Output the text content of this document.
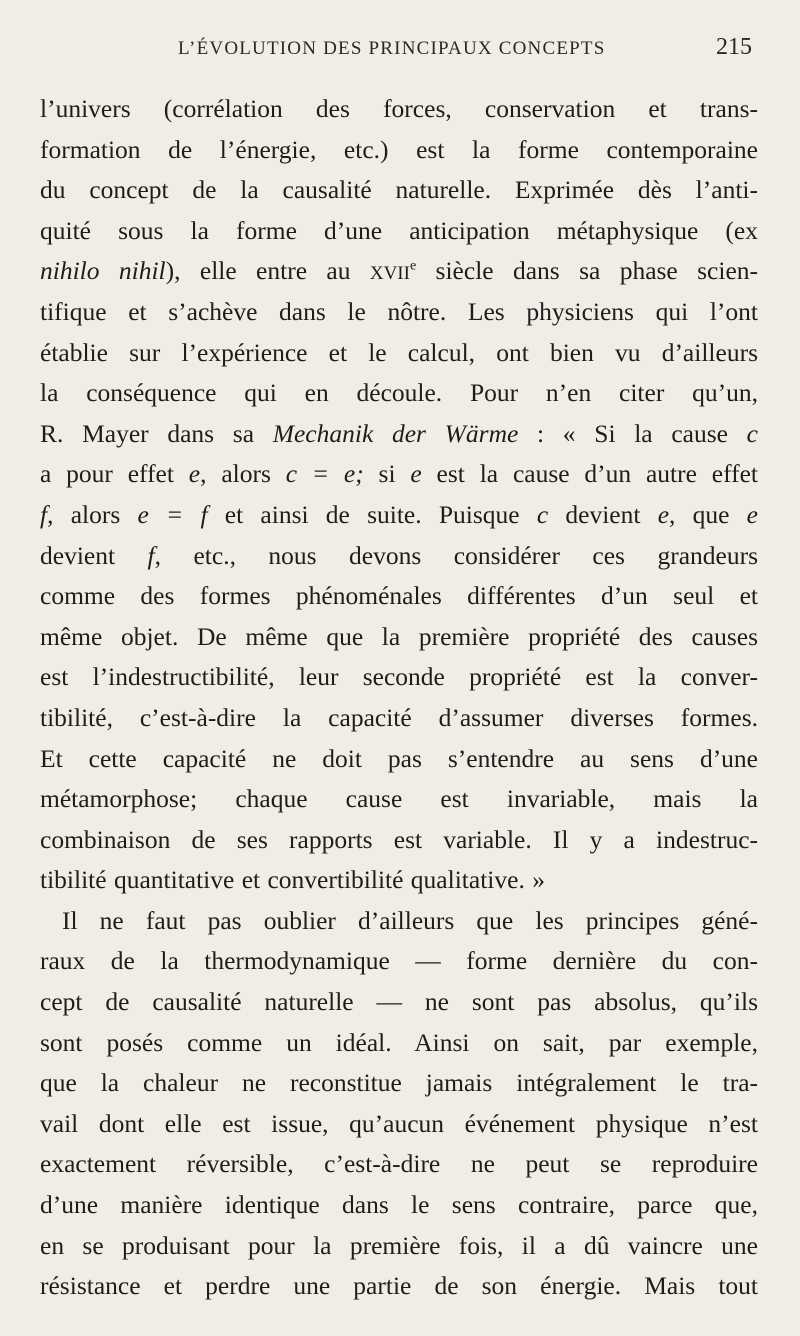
L’ÉVOLUTION DES PRINCIPAUX CONCEPTS	215
l’univers (corrélation des forces, conservation et trans-
formation de l’énergie, etc.) est la forme contemporaine
du concept de la causalité naturelle. Exprimée dès l’anti-
quité sous la forme d’une anticipation métaphysique (ex
nihilo nihil), elle entre au XVIIe siècle dans sa phase scien-
tifique et s’achève dans le nôtre. Les physiciens qui l’ont
établie sur l’expérience et le calcul, ont bien vu d’ailleurs
la conséquence qui en découle. Pour n’en citer qu’un,
R. Mayer dans sa Mechanik der Wärme : « Si la cause c
a pour effet e, alors c = e; si e est la cause d’un autre effet
f, alors e = f et ainsi de suite. Puisque c devient e, que e
devient f, etc., nous devons considérer ces grandeurs
comme des formes phénoménales différentes d’un seul et
même objet. De même que la première propriété des causes
est l’indestructibilité, leur seconde propriété est la conver-
tibilité, c’est-à-dire la capacité d’assumer diverses formes.
Et cette capacité ne doit pas s’entendre au sens d’une
métamorphose; chaque cause est invariable, mais la
combinaison de ses rapports est variable. Il y a indestruc-
tibilité quantitative et convertibilité qualitative. »
Il ne faut pas oublier d’ailleurs que les principes géné-
raux de la thermodynamique — forme dernière du con-
cept de causalité naturelle — ne sont pas absolus, qu’ils
sont posés comme un idéal. Ainsi on sait, par exemple,
que la chaleur ne reconstitue jamais intégralement le tra-
vail dont elle est issue, qu’aucun événement physique n’est
exactement réversible, c’est-à-dire ne peut se reproduire
d’une manière identique dans le sens contraire, parce que,
en se produisant pour la première fois, il a dû vaincre une
résistance et perdre une partie de son énergie. Mais tout
